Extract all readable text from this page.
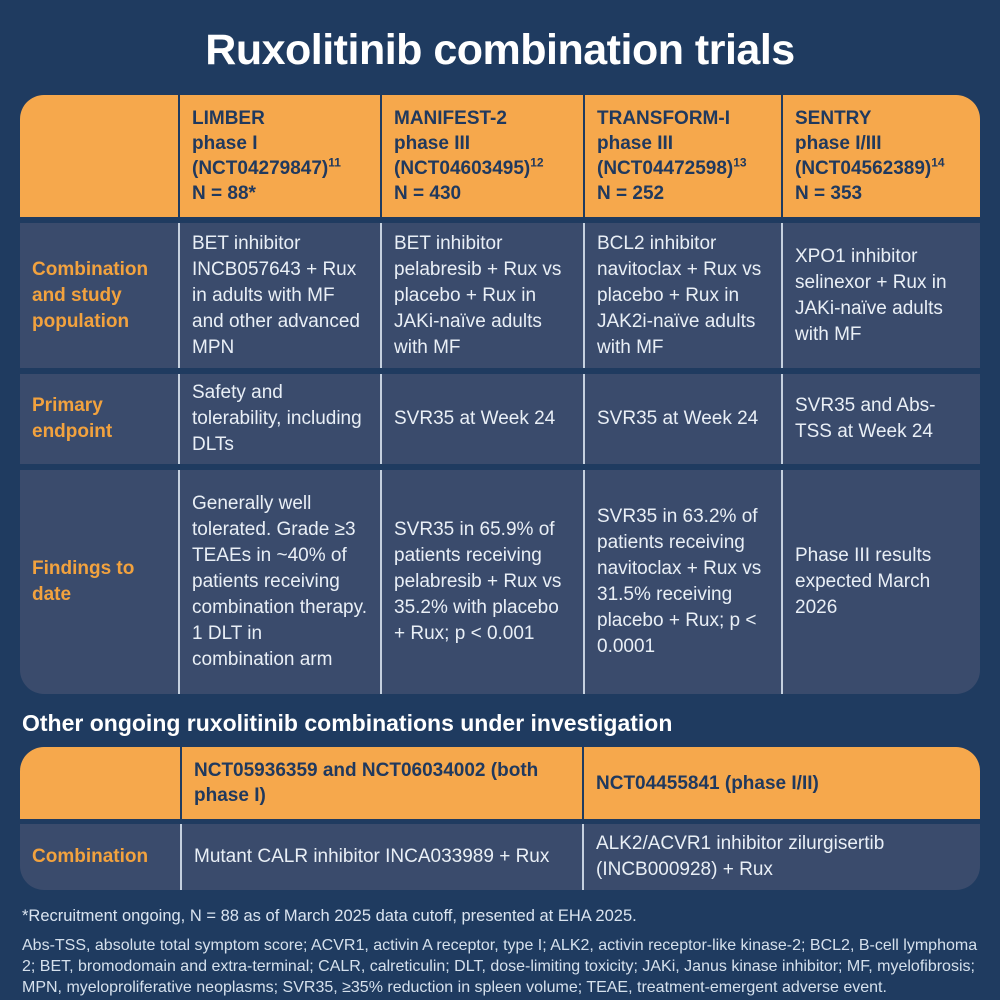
Ruxolitinib combination trials
LIMBER
phase I
$(NCT04279847)^{11}$
N = 88*
MANIFEST-2
phase III
$(NCT04603495)^{12}$
N = 430
TRANSFORM-I
phase III
$(NCT04472598)^{13}$
N = 252
SENTRY
phase I/III
$(NCT04562389)^{14}$
N = 353
Combination and study population
BET inhibitor INCB057643 + Rux in adults with MF and other advanced MPN
BET inhibitor pelabresib + Rux vs placebo + Rux in JAKi-naïve adults with MF
BCL2 inhibitor navitoclax + Rux vs placebo + Rux in JAK2i-naïve adults with MF
XPO1 inhibitor selinexor + Rux in JAKi-naïve adults with MF
Primary endpoint
Safety and tolerability, including DLTs
SVR35 at Week 24	SVR35 at Week 24
SVR35 and Abs-TSS at Week 24
Findings to date
Generally well tolerated. Grade ≥3 TEAEs in ~40% of patients receiving combination therapy. 1 DLT in combination arm
SVR35 in 65.9% of patients receiving pelabresib + Rux vs 35.2% with placebo + Rux; p < 0.001
SVR35 in 63.2% of patients receiving navitoclax + Rux vs 31.5% receiving placebo + Rux; p < 0.0001
Phase III results expected March 2026
Other ongoing ruxolitinib combinations under investigation
NCT05936359 and NCT06034002 (both phase I)
NCT04455841 (phase I/II)
Combination	Mutant CALR inhibitor INCA033989 + Rux
ALK2/ACVR1 inhibitor zilurgisertib (INCB000928) + Rux
*Recruitment ongoing, N = 88 as of March 2025 data cutoff, presented at EHA 2025.
Abs-TSS, absolute total symptom score; ACVR1, activin A receptor, type I; ALK2, activin receptor-like kinase-2; BCL2, B-cell lymphoma 2; BET, bromodomain and extra-terminal; CALR, calreticulin; DLT, dose-limiting toxicity; JAKi, Janus kinase inhibitor; MF, myelofibrosis; MPN, myeloproliferative neoplasms; SVR35, ≥35% reduction in spleen volume; TEAE, treatment-emergent adverse event.
